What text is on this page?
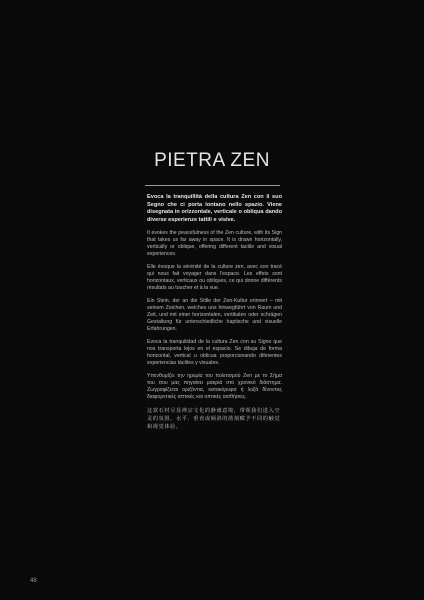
PIETRA ZEN

Evoca la tranquillità della cultura Zen con il suo Segno che ci porta lontano nello spazio. Viene disegnata in orizzontale, verticale o obliqua dando diverse esperienze tattili e visive.

It evokes the peacefulness of the Zen culture, with its Sign that takes us far away in space. It is drawn horizontally, vertically or oblique, offering different tactile and visual experiences.

Elle évoque la sérénité de la culture zen, avec son tracé qui nous fait voyager dans l'espace. Les effets sont horizontaux, verticaux ou obliques, ce qui donne différents résultats au toucher et à la vue.

Ein Stein, der an die Stille der Zen-Kultur erinnert – mit seinem Zeichen, welches uns hinwegführt von Raum und Zeit, und mit einer horizontalen, vertikalen oder schrägen Gestaltung für unterschiedliche haptische und visuelle Erfahrungen.

Evoca la tranquilidad de la cultura Zen con su Signo que nos transporta lejos en el espacio. Se dibuja de forma horizontal, vertical u oblicua proporcionando diferentes experiencias táctiles y visuales.

Υπενθυμίζει την ηρεμία του πολιτισμού Zen με το Σήμα του που μας πηγαίνει μακριά στο χρονικό διάστημα. Ζωγραφίζεται οριζόντια, κατακόρυφα ή λοξά δίνοντας διαφορετικές απτικές και οπτικές αισθήσεις.

这款石材尽显禅宗文化的静谧意境，带领我们进入空灵的氛围。水平、垂直或倾斜的凿刻赋予不同的触觉和视觉体验。

48
